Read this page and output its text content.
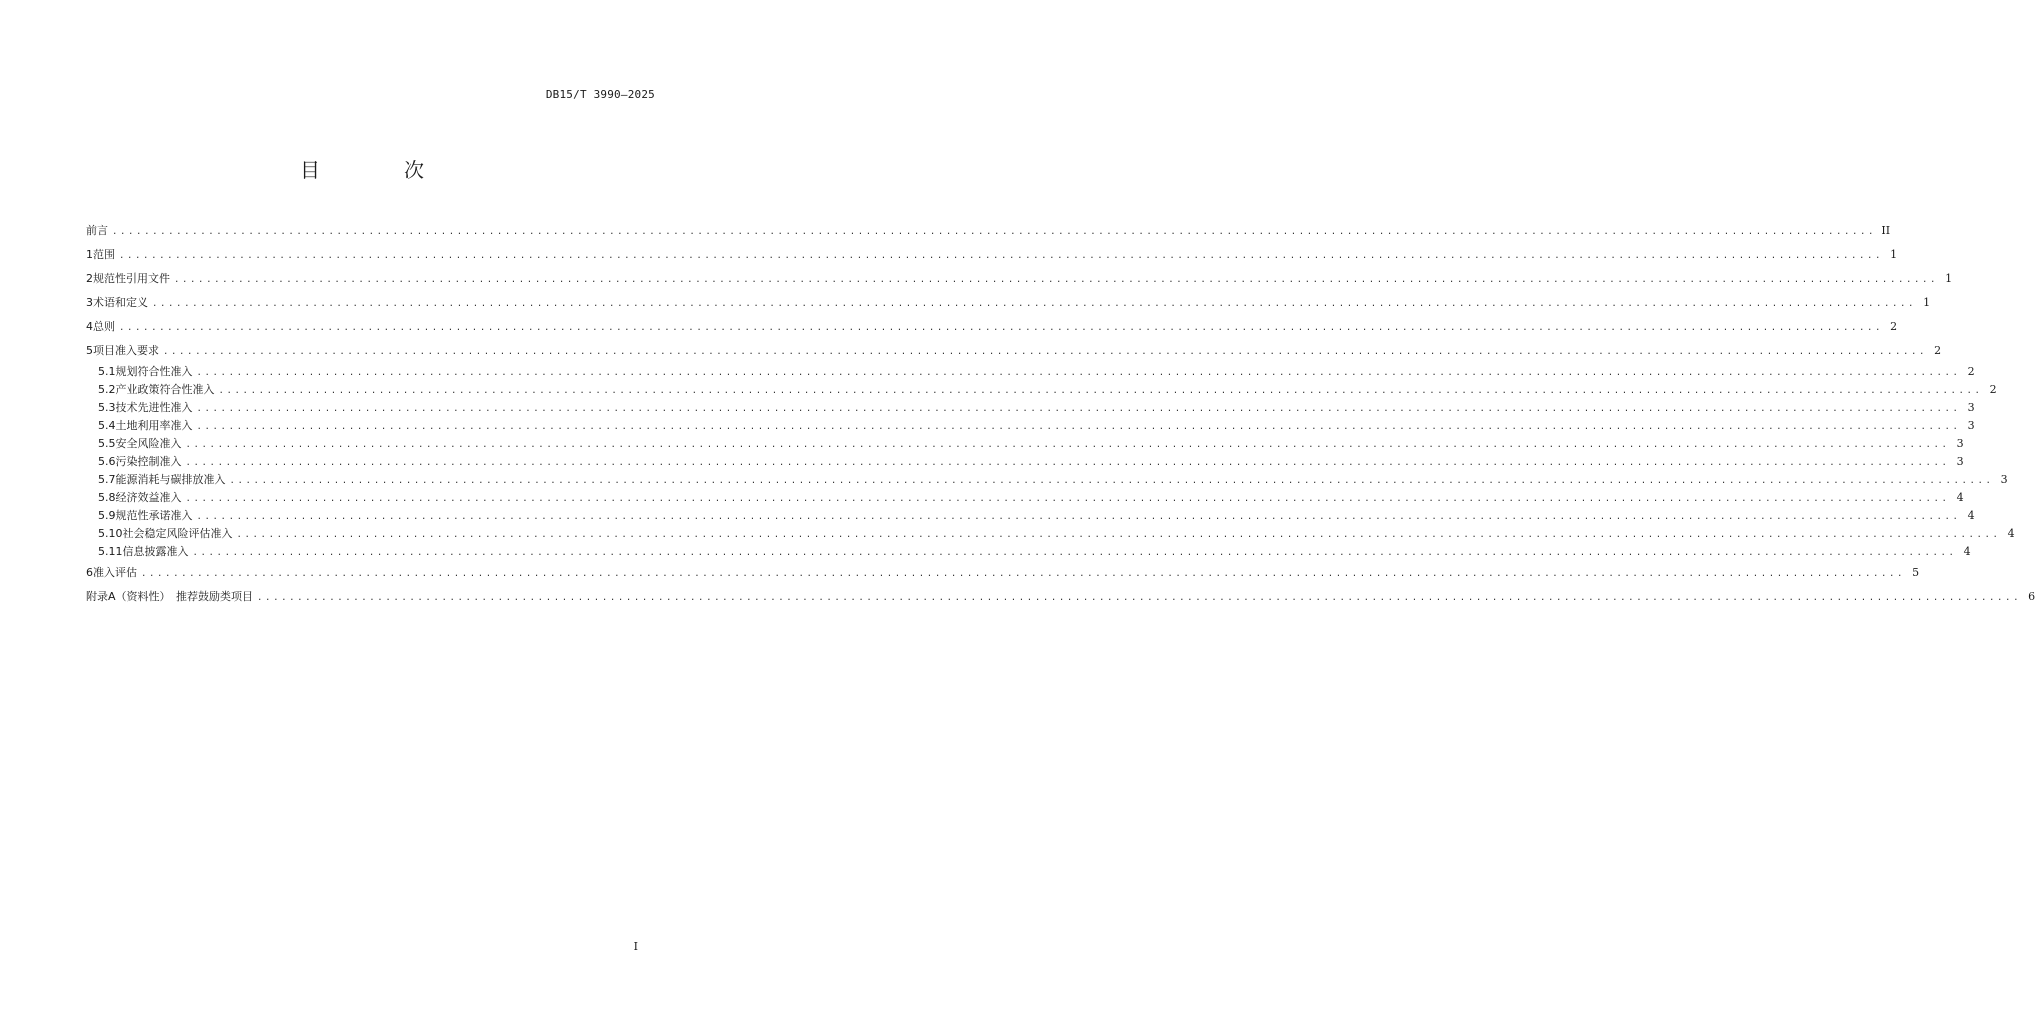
DB15/T 3990—2025
目　次
前言 ............................................................................................................................................................................................................................ II
1 范围 ............................................................................................................................................................................................................................ 1
2 规范性引用文件 ............................................................................................................................................................................................................................ 1
3 术语和定义 ............................................................................................................................................................................................................................ 1
4 总则 ............................................................................................................................................................................................................................ 2
5 项目准入要求 ............................................................................................................................................................................................................................ 2
5.1 规划符合性准入 ............................................................................................................................................................................................................................ 2
5.2 产业政策符合性准入 ............................................................................................................................................................................................................................ 2
5.3 技术先进性准入 ............................................................................................................................................................................................................................ 3
5.4 土地利用率准入 ............................................................................................................................................................................................................................ 3
5.5 安全风险准入 ............................................................................................................................................................................................................................ 3
5.6 污染控制准入 ............................................................................................................................................................................................................................ 3
5.7 能源消耗与碳排放准入 ............................................................................................................................................................................................................................ 3
5.8 经济效益准入 ............................................................................................................................................................................................................................ 4
5.9 规范性承诺准入 ............................................................................................................................................................................................................................ 4
5.10 社会稳定风险评估准入 ............................................................................................................................................................................................................................ 4
5.11 信息披露准入 ............................................................................................................................................................................................................................ 4
6 准入评估 ............................................................................................................................................................................................................................ 5
附录A（资料性）　推荐鼓励类项目 ............................................................................................................................................................................................................................ 6
I
